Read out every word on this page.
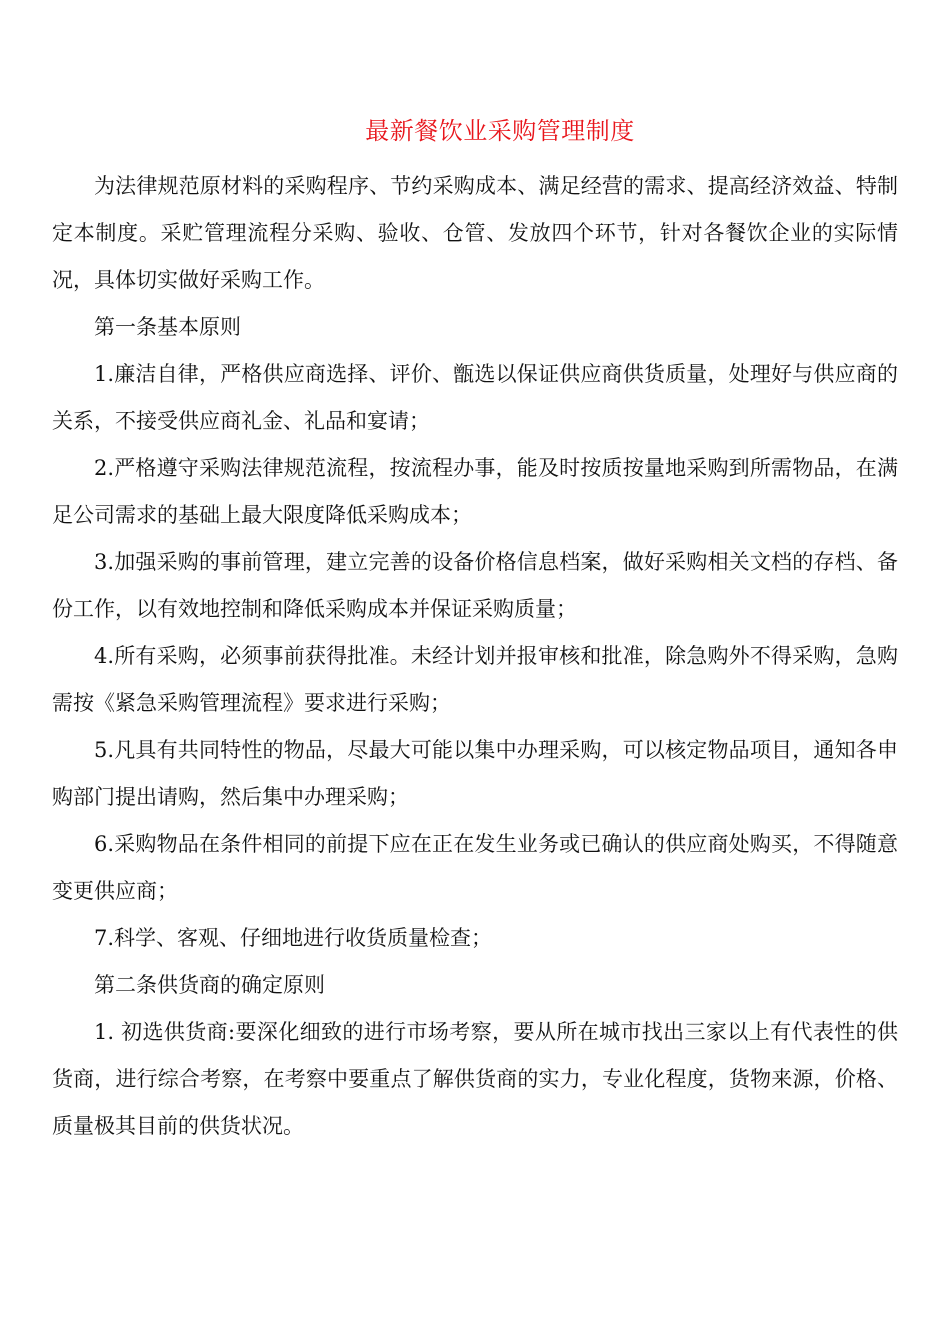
最新餐饮业采购管理制度

为法律规范原材料的采购程序、节约采购成本、满足经营的需求、提高经济效益、特制定本制度。采贮管理流程分采购、验收、仓管、发放四个环节，针对各餐饮企业的实际情况，具体切实做好采购工作。

第一条基本原则

1.廉洁自律，严格供应商选择、评价、甑选以保证供应商供货质量，处理好与供应商的关系，不接受供应商礼金、礼品和宴请；

2.严格遵守采购法律规范流程，按流程办事，能及时按质按量地采购到所需物品，在满足公司需求的基础上最大限度降低采购成本；

3.加强采购的事前管理，建立完善的设备价格信息档案，做好采购相关文档的存档、备份工作，以有效地控制和降低采购成本并保证采购质量；

4.所有采购，必须事前获得批准。未经计划并报审核和批准，除急购外不得采购，急购需按《紧急采购管理流程》要求进行采购；

5.凡具有共同特性的物品，尽最大可能以集中办理采购，可以核定物品项目，通知各申购部门提出请购，然后集中办理采购；

6.采购物品在条件相同的前提下应在正在发生业务或已确认的供应商处购买，不得随意变更供应商；

7.科学、客观、仔细地进行收货质量检查；

第二条供货商的确定原则

1. 初选供货商:要深化细致的进行市场考察，要从所在城市找出三家以上有代表性的供货商，进行综合考察，在考察中要重点了解供货商的实力，专业化程度，货物来源，价格、质量极其目前的供货状况。
